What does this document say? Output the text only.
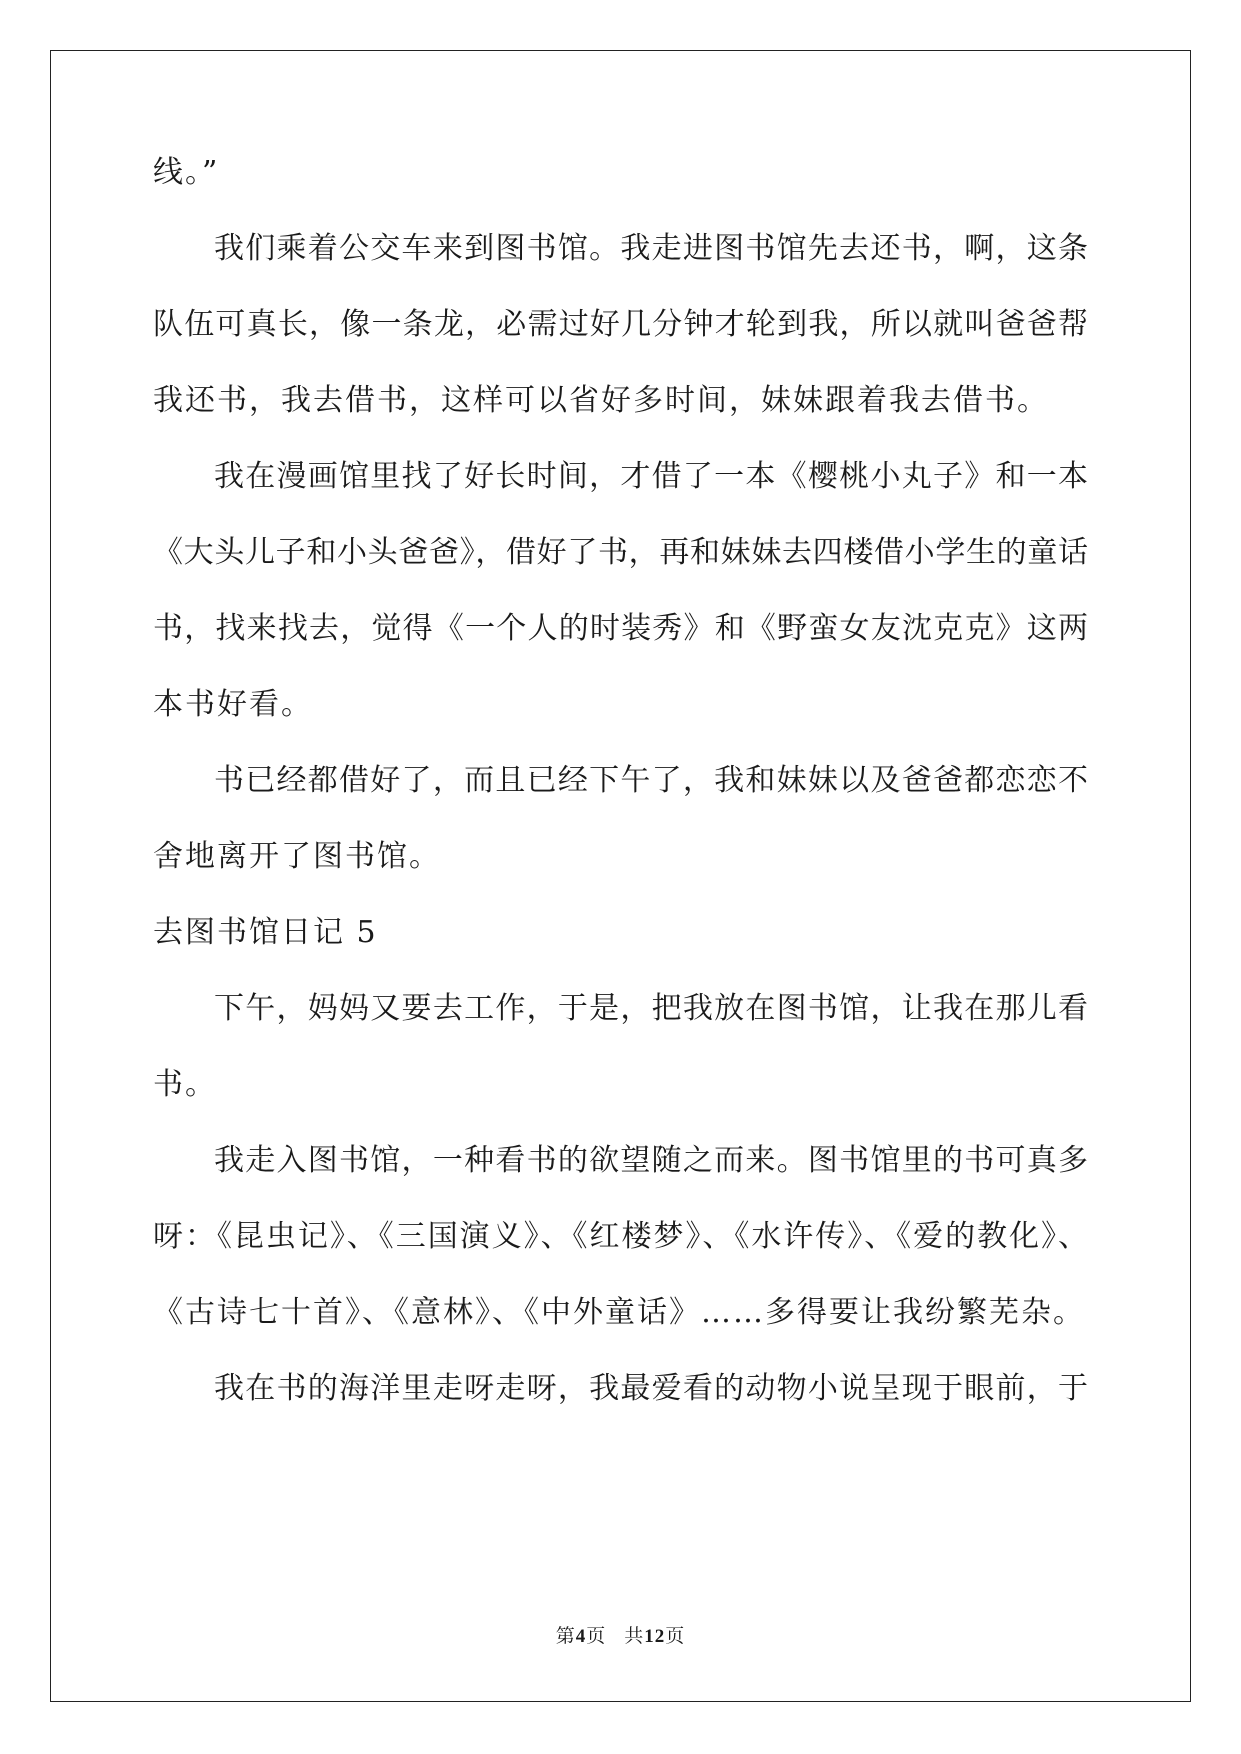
线。”
我们乘着公交车来到图书馆。我走进图书馆先去还书，啊，这条
队伍可真长，像一条龙，必需过好几分钟才轮到我，所以就叫爸爸帮
我还书，我去借书，这样可以省好多时间，妹妹跟着我去借书。
我在漫画馆里找了好长时间，才借了一本《樱桃小丸子》和一本
《大头儿子和小头爸爸》，借好了书，再和妹妹去四楼借小学生的童话
书，找来找去，觉得《一个人的时装秀》和《野蛮女友沈克克》这两
本书好看。
书已经都借好了，而且已经下午了，我和妹妹以及爸爸都恋恋不
舍地离开了图书馆。
去图书馆日记 5
下午，妈妈又要去工作，于是，把我放在图书馆，让我在那儿看
书。
我走入图书馆，一种看书的欲望随之而来。图书馆里的书可真多
呀：《昆虫记》、《三国演义》、《红楼梦》、《水许传》、《爱的教化》、
《古诗七十首》、《意林》、《中外童话》……多得要让我纷繁芜杂。
我在书的海洋里走呀走呀，我最爱看的动物小说呈现于眼前，于
第4页 共12页
